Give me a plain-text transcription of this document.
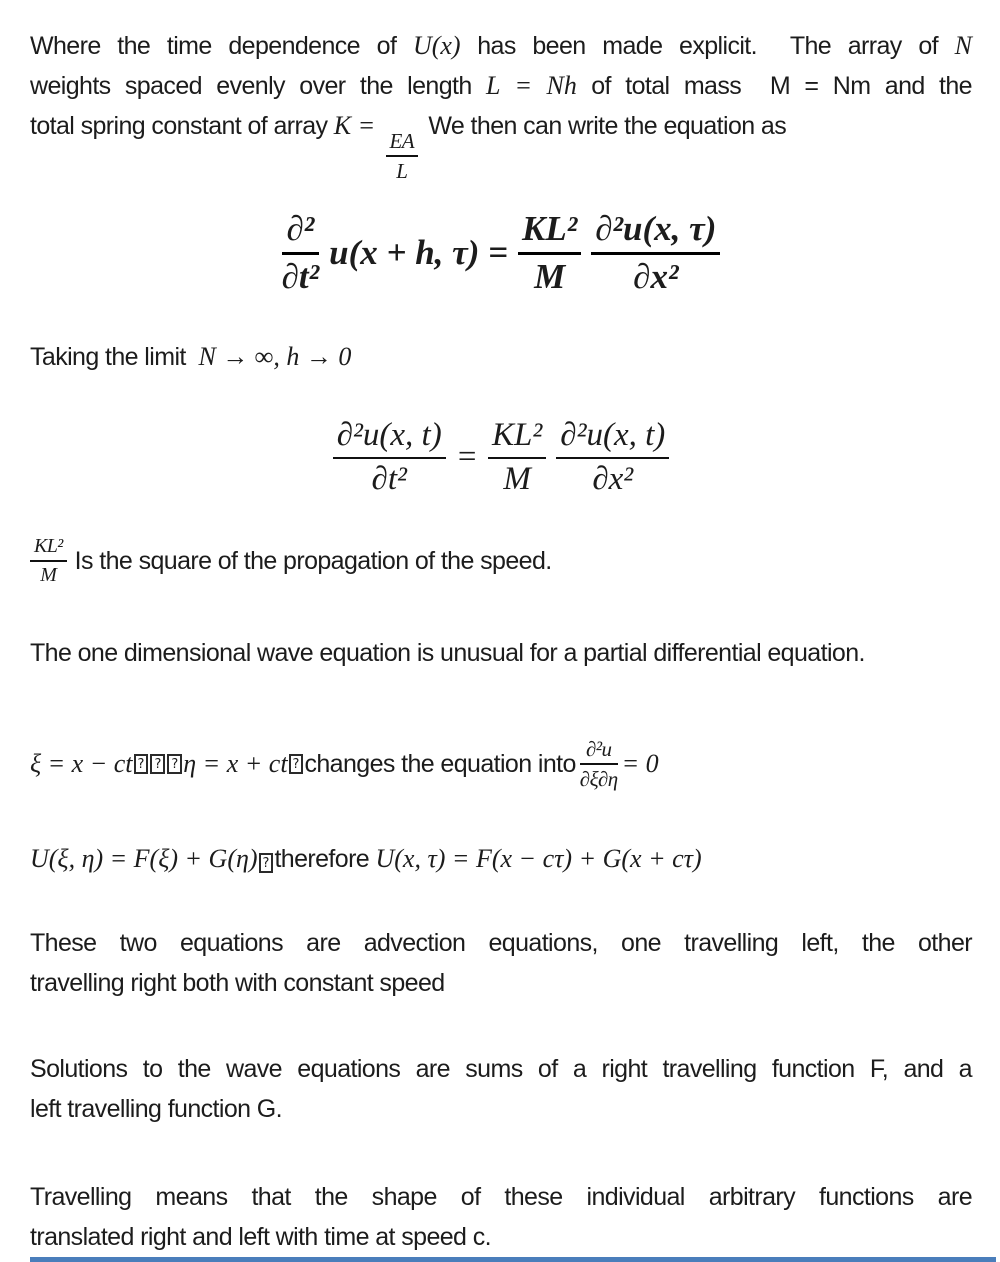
Where the time dependence of U(x) has been made explicit.  The array of N
weights spaced evenly over the length L = Nh of total mass  M = Nm and the
total spring constant of array K =
$\frac{EA}{L}$
We then can write the equation as
$\frac{\text{∂²}}{\text{∂t²}} u(x + h$, $\tau) = \frac{\text{KL²}}{M} \frac{\text{∂²u(x, τ)}}{\text{∂x²}}$
Taking the limit  N → ∞, h → 0
$\frac{\text{∂²u(x, t)}}{\text{∂t²}} = \frac{\text{KL²}}{M} \frac{\text{∂²u(x, t)}}{\text{∂x²}}$
$\frac{\text{KL²}}{M}$ Is the square of the propagation of the speed.
The one dimensional wave equation is unusual for a partial differential equation.
ξ = x − ct ? ? ? η = x + ct ? changes the equation into $\frac{\text{∂²u}}{\partial\xi\partial\eta} = 0$
U(ξ, η) = F(ξ) + G(η) ? therefore U(x, τ) = F(x − cτ) + G(x + cτ)
These two equations are advection equations, one travelling left, the other
travelling right both with constant speed
Solutions to the wave equations are sums of a right travelling function F, and a
left travelling function G.
Travelling means that the shape of these individual arbitrary functions are
translated right and left with time at speed c.
